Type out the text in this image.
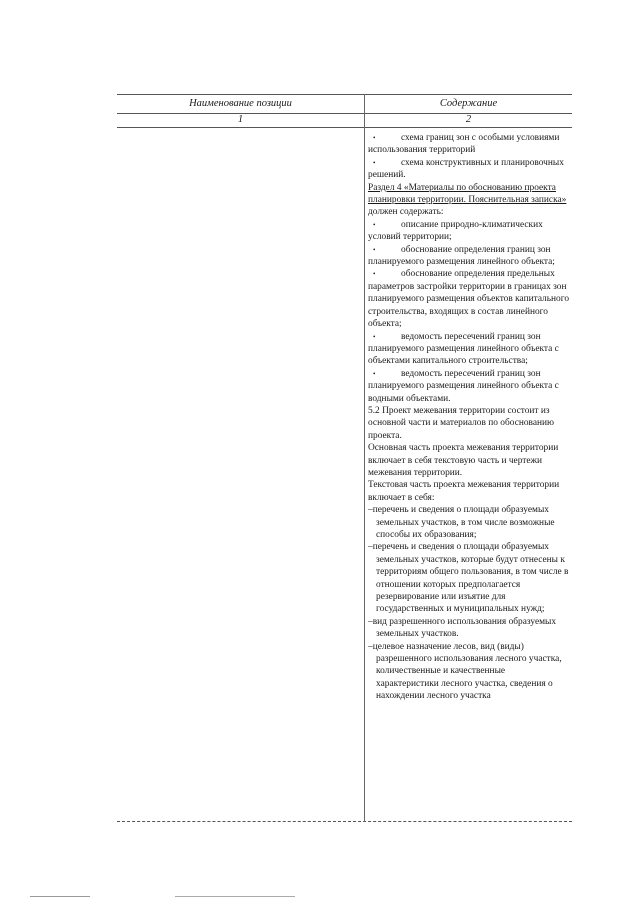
Наименование позиции	Содержание
1	2

• схема границ зон с особыми условиями использования территорий

• схема конструктивных и планировочных решений.

Раздел 4 «Материалы по обоснованию проекта планировки территории. Пояснительная записка» должен содержать:

• описание природно-климатических условий территории;

• обоснование определения границ зон планируемого размещения линейного объекта;

• обоснование определения предельных параметров застройки территории в границах зон планируемого размещения объектов капитального строительства, входящих в состав линейного объекта;

• ведомость пересечений границ зон планируемого размещения линейного объекта с объектами капитального строительства;

• ведомость пересечений границ зон планируемого размещения линейного объекта с водными объектами.

5.2 Проект межевания территории состоит из основной части и материалов по обоснованию проекта.

Основная часть проекта межевания территории включает в себя текстовую часть и чертежи межевания территории.

Текстовая часть проекта межевания территории включает в себя:

–перечень и сведения о площади образуемых земельных участков, в том числе возможные способы их образования;

–перечень и сведения о площади образуемых земельных участков, которые будут отнесены к территориям общего пользования, в том числе в отношении которых предполагается резервирование или изъятие для государственных и муниципальных нужд;

–вид разрешенного использования образуемых земельных участков.

–целевое назначение лесов, вид (виды) разрешенного использования лесного участка, количественные и качественные характеристики лесного участка, сведения о нахождении лесного участка
